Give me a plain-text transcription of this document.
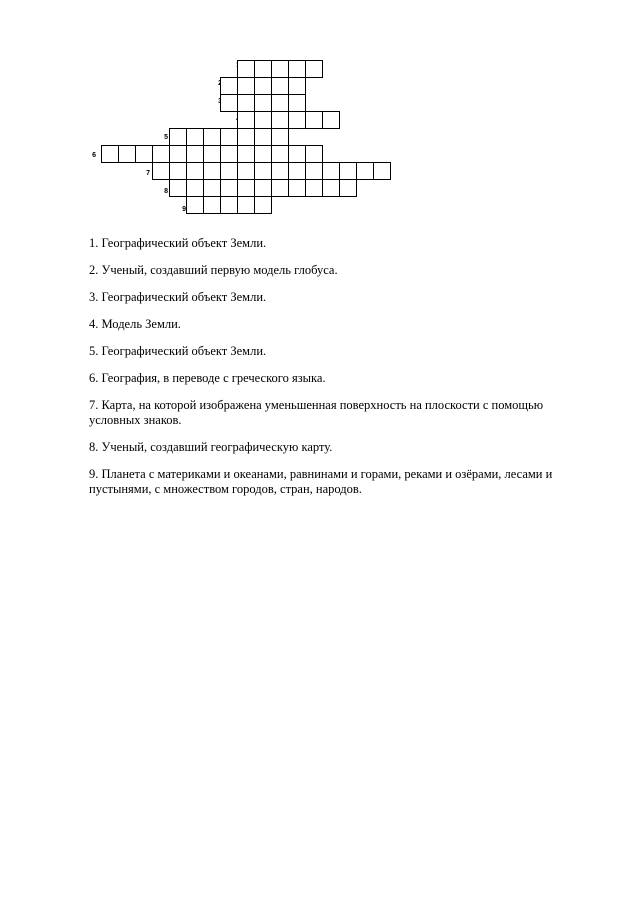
5
6
7
8
9

1. Географический объект Земли.

2. Ученый, создавший первую модель глобуса.

3. Географический объект Земли.

4. Модель Земли.

5. Географический объект Земли.

6. География, в переводе с греческого языка.

7. Карта, на которой изображена уменьшенная поверхность на плоскости с помощью условных знаков.

8. Ученый, создавший географическую карту.

9. Планета с материками и океанами, равнинами и горами, реками и озёрами, лесами и пустынями, с множеством городов, стран, народов.
